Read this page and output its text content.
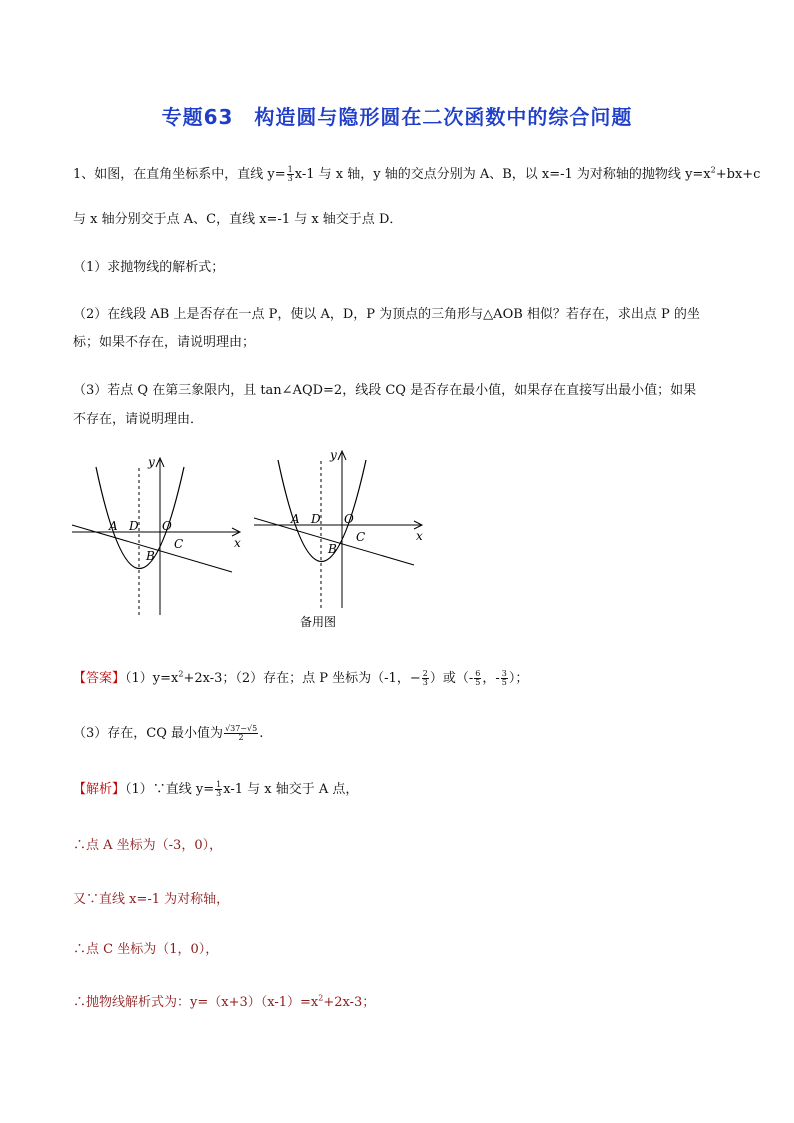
专题63　构造圆与隐形圆在二次函数中的综合问题
1、如图，在直角坐标系中，直线 $y= \frac{1}{3} x-1$ 与 x 轴，y 轴的交点分别为 A、B，以 x=-1 为对称轴的抛物线 $y=x^2+bx+c$
与 x 轴分别交于点 A、C，直线 x=-1 与 x 轴交于点 D．
（1）求抛物线的解析式；
（2）在线段 AB 上是否存在一点 P，使以 A，D，P 为顶点的三角形与△AOB 相似？若存在，求出点 P 的坐
标；如果不存在，请说明理由；
（3）若点 Q 在第三象限内，且 tan∠AQD=2，线段 CQ 是否存在最小值，如果存在直接写出最小值；如果
不存在，请说明理由．
y
x
A D O
B
C
y
x
A D O
B
C
备用图
【答案】$(1)y=x^2+2x-3$；（2）存在；点 P 坐标为（-1，− $\frac{2}{3}$ ）或（- $\frac{6}{5}$ ，- $\frac{3}{5}$ ）；
（3）存在，CQ 最小值为 $\frac{√37-√5}{2}$ .
【解析】（1）∵直线 $y= \frac{1}{3} x-1$ 与 x 轴交于 A 点，
∴点 A 坐标为（-3，0），
又∵直线 x=-1 为对称轴，
∴点 C 坐标为（1，0），
∴抛物线解析式为：$y=(x+3)(x-1)=x^2+2x-3$；
